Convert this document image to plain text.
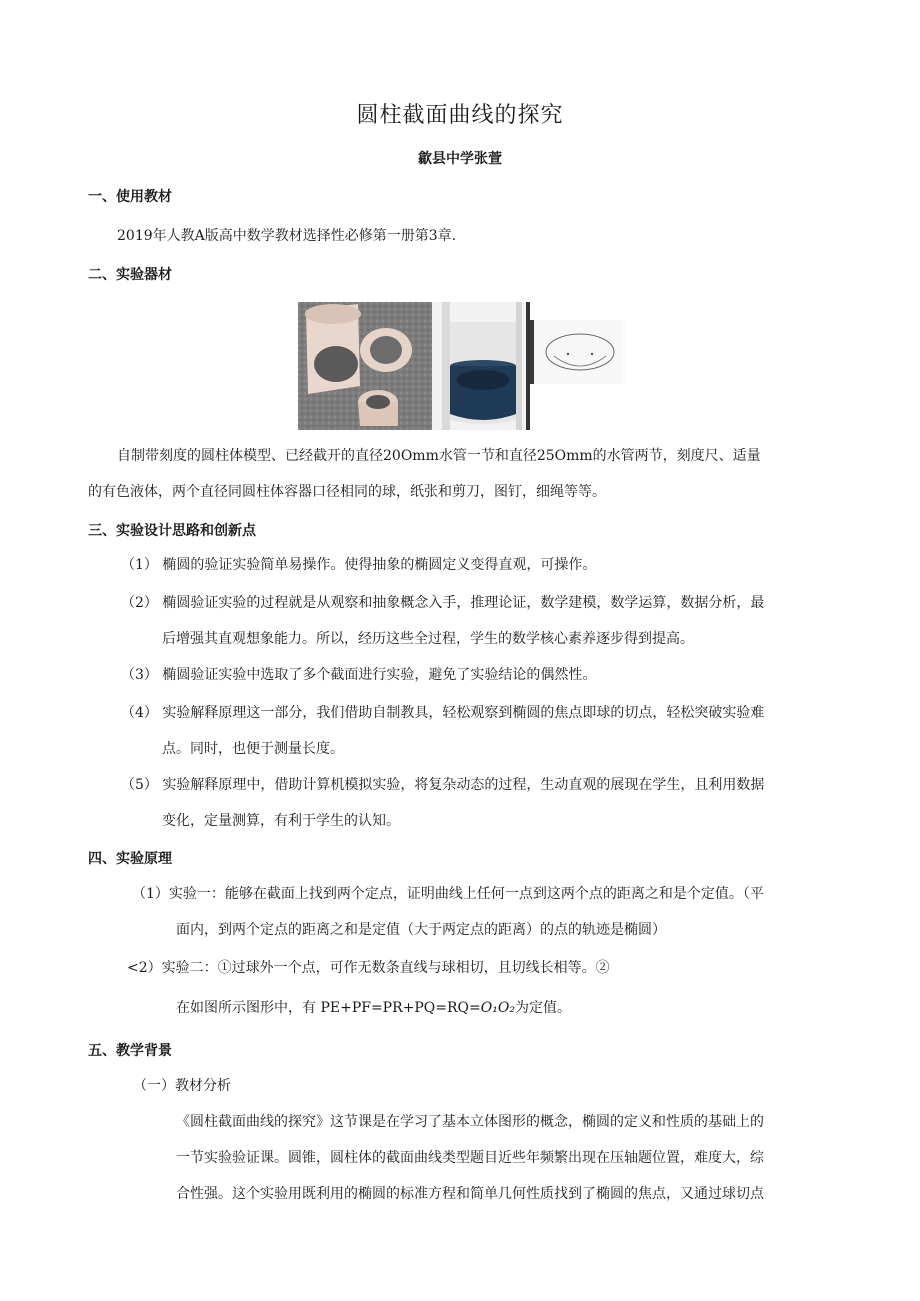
圆柱截面曲线的探究
歙县中学张萱
一、使用教材
2019年人教A版高中数学教材选择性必修第一册第3章.
二、实验器材
自制带刻度的圆柱体模型、已经截开的直径20Omm水管一节和直径25Omm的水管两节，刻度尺、适量
的有色液体，两个直径同圆柱体容器口径相同的球，纸张和剪刀，图钉，细绳等等。
三、实验设计思路和创新点
（1） 椭圆的验证实验简单易操作。使得抽象的椭圆定义变得直观，可操作。
（2） 椭圆验证实验的过程就是从观察和抽象概念入手，推理论证，数学建模，数学运算，数据分析，最
后增强其直观想象能力。所以，经历这些全过程，学生的数学核心素养逐步得到提高。
（3） 椭圆验证实验中选取了多个截面进行实验，避免了实验结论的偶然性。
（4） 实验解释原理这一部分，我们借助自制教具，轻松观察到椭圆的焦点即球的切点，轻松突破实验难
点。同时，也便于测量长度。
（5） 实验解释原理中，借助计算机模拟实验，将复杂动态的过程，生动直观的展现在学生，且利用数据
变化，定量测算，有利于学生的认知。
四、实验原理
（1）实验一：能够在截面上找到两个定点，证明曲线上任何一点到这两个点的距离之和是个定值。（平
面内，到两个定点的距离之和是定值（大于两定点的距离）的点的轨迹是椭圆）
<2）实验二：①过球外一个点，可作无数条直线与球相切，且切线长相等。②
在如图所示图形中，有 PE+PF=PR+PQ=RQ=O₁O₂为定值。
五、教学背景
（一）教材分析
《圆柱截面曲线的探究》这节课是在学习了基本立体图形的概念，椭圆的定义和性质的基础上的
一节实验验证课。圆锥，圆柱体的截面曲线类型题目近些年频繁出现在压轴题位置，难度大，综
合性强。这个实验用既利用的椭圆的标准方程和简单几何性质找到了椭圆的焦点，又通过球切点
